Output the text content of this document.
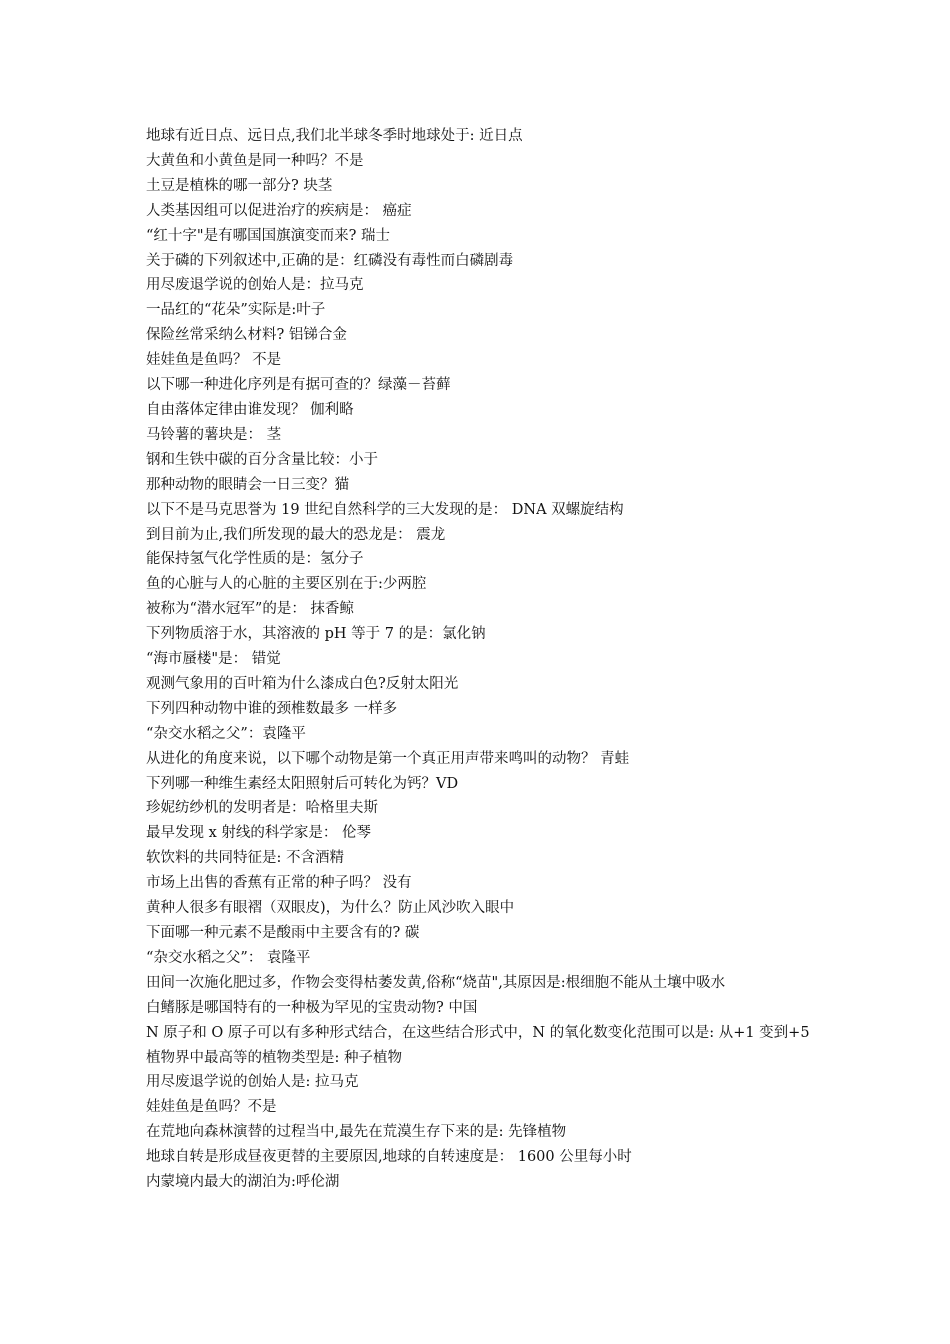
地球有近日点、远日点,我们北半球冬季时地球处于: 近日点
大黄鱼和小黄鱼是同一种吗？不是
土豆是植株的哪一部分? 块茎
人类基因组可以促进治疗的疾病是： 癌症
“红十字"是有哪国国旗演变而来? 瑞士
关于磷的下列叙述中,正确的是：红磷没有毒性而白磷剧毒
用尽废退学说的创始人是：拉马克
一品红的“花朵”实际是:叶子
保险丝常采纳么材料? 铝锑合金
娃娃鱼是鱼吗？ 不是
以下哪一种进化序列是有据可查的？绿藻－苔藓
自由落体定律由谁发现？ 伽利略
马铃薯的薯块是： 茎
钢和生铁中碳的百分含量比较：小于
那种动物的眼睛会一日三变？猫
以下不是马克思誉为 19 世纪自然科学的三大发现的是： DNA 双螺旋结构
到目前为止,我们所发现的最大的恐龙是： 震龙
能保持氢气化学性质的是：氢分子
鱼的心脏与人的心脏的主要区别在于:少两腔
被称为“潜水冠军”的是： 抹香鲸
下列物质溶于水，其溶液的 pH 等于 7 的是：氯化钠
“海市蜃楼"是： 错觉
观测气象用的百叶箱为什么漆成白色?反射太阳光
下列四种动物中谁的颈椎数最多 一样多
“杂交水稻之父”：袁隆平
从进化的角度来说，以下哪个动物是第一个真正用声带来鸣叫的动物？ 青蛙
下列哪一种维生素经太阳照射后可转化为钙？VD
珍妮纺纱机的发明者是：哈格里夫斯
最早发现 x 射线的科学家是： 伦琴
软饮料的共同特征是: 不含酒精
市场上出售的香蕉有正常的种子吗？ 没有
黄种人很多有眼褶（双眼皮)，为什么？防止风沙吹入眼中
下面哪一种元素不是酸雨中主要含有的? 碳
“杂交水稻之父”： 袁隆平
田间一次施化肥过多，作物会变得枯萎发黄,俗称“烧苗",其原因是:根细胞不能从土壤中吸水
白鳍豚是哪国特有的一种极为罕见的宝贵动物? 中国
N 原子和 O 原子可以有多种形式结合，在这些结合形式中，N 的氧化数变化范围可以是: 从+1 变到+5
植物界中最高等的植物类型是: 种子植物
用尽废退学说的创始人是: 拉马克
娃娃鱼是鱼吗？不是
在荒地向森林演替的过程当中,最先在荒漠生存下来的是: 先锋植物
地球自转是形成昼夜更替的主要原因,地球的自转速度是： 1600 公里每小时
内蒙境内最大的湖泊为:呼伦湖
